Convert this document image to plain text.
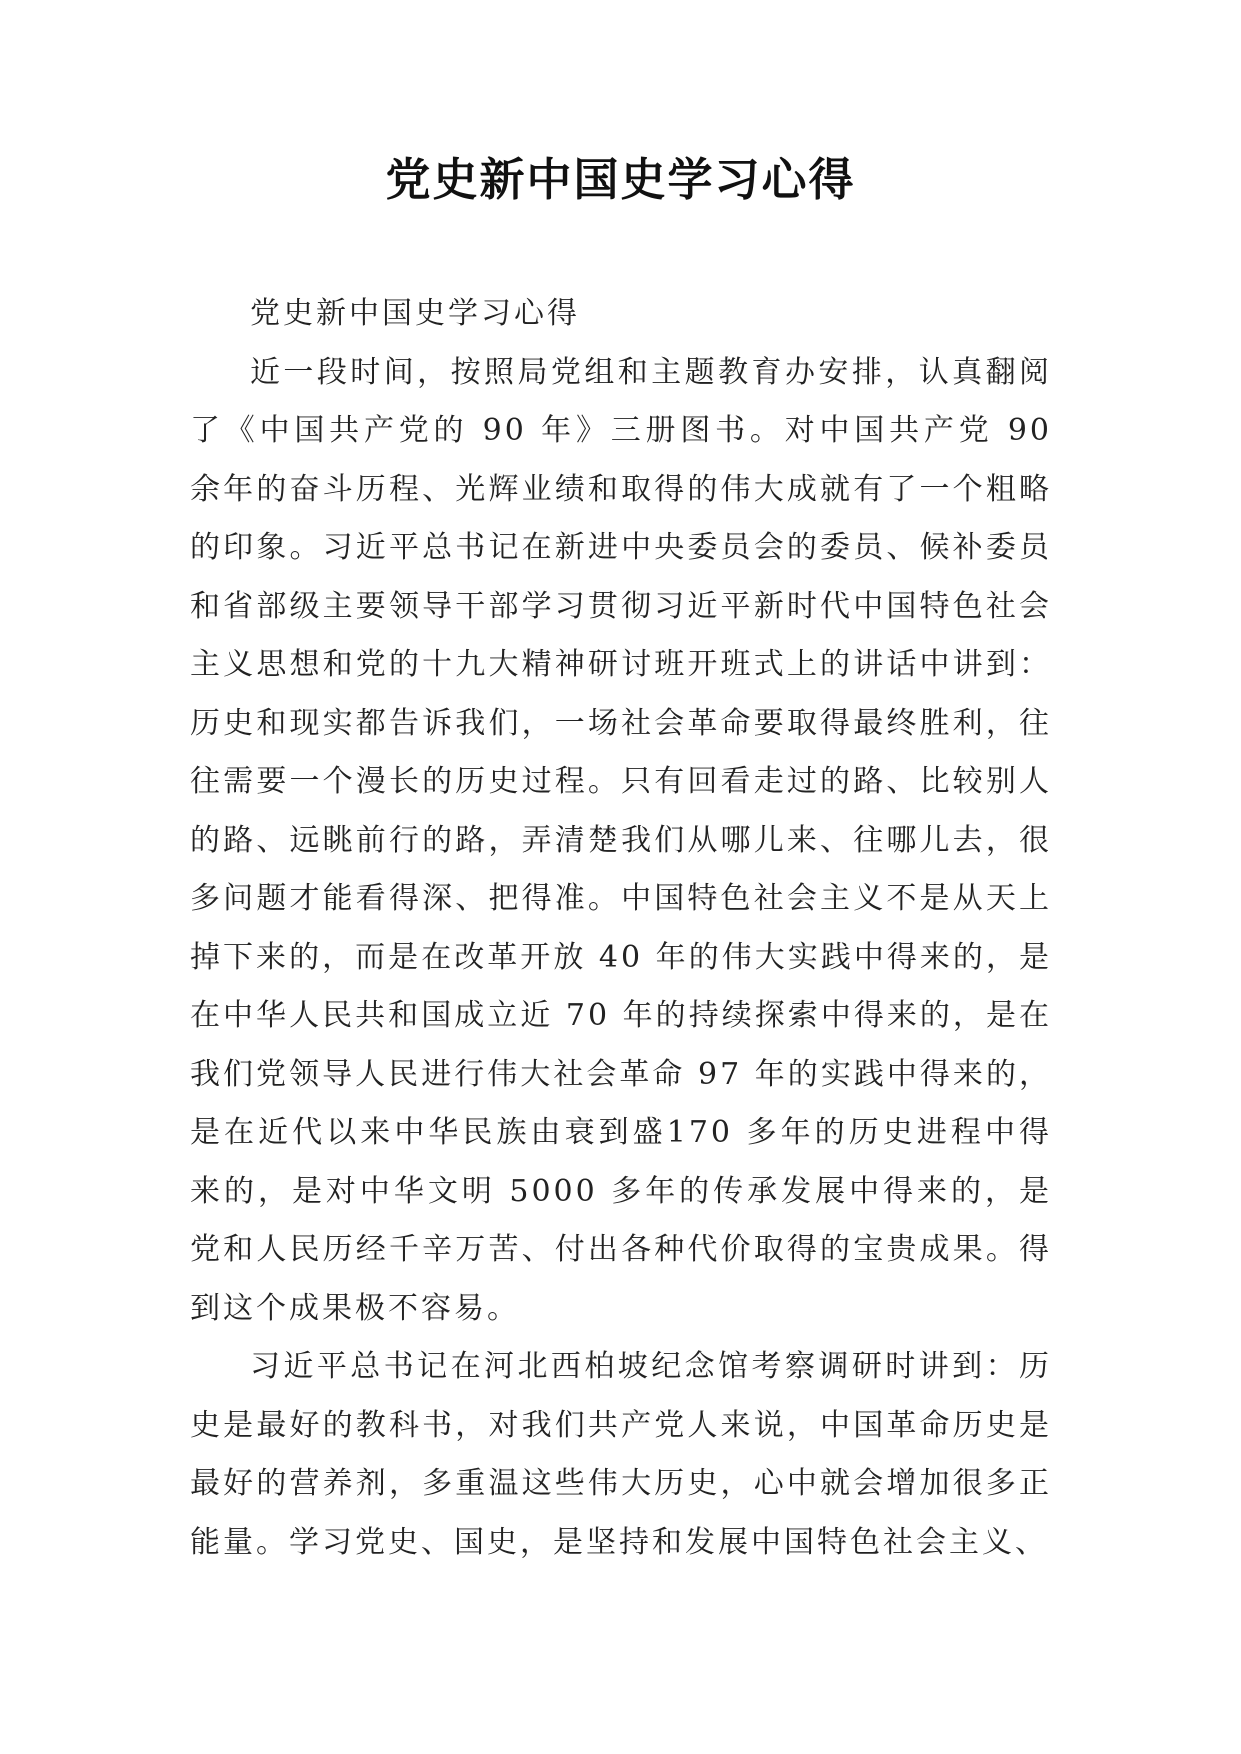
党史新中国史学习心得

党史新中国史学习心得

近一段时间，按照局党组和主题教育办安排，认真翻阅了《中国共产党的 90 年》三册图书。对中国共产党 90 余年的奋斗历程、光辉业绩和取得的伟大成就有了一个粗略的印象。习近平总书记在新进中央委员会的委员、候补委员和省部级主要领导干部学习贯彻习近平新时代中国特色社会主义思想和党的十九大精神研讨班开班式上的讲话中讲到：历史和现实都告诉我们，一场社会革命要取得最终胜利，往往需要一个漫长的历史过程。只有回看走过的路、比较别人的路、远眺前行的路，弄清楚我们从哪儿来、往哪儿去，很多问题才能看得深、把得准。中国特色社会主义不是从天上掉下来的，而是在改革开放 40 年的伟大实践中得来的，是在中华人民共和国成立近 70 年的持续探索中得来的，是在我们党领导人民进行伟大社会革命 97 年的实践中得来的，是在近代以来中华民族由衰到盛170 多年的历史进程中得来的，是对中华文明 5000 多年的传承发展中得来的，是党和人民历经千辛万苦、付出各种代价取得的宝贵成果。得到这个成果极不容易。

习近平总书记在河北西柏坡纪念馆考察调研时讲到：历史是最好的教科书，对我们共产党人来说，中国革命历史是最好的营养剂，多重温这些伟大历史，心中就会增加很多正能量。学习党史、国史，是坚持和发展中国特色社会主义、
